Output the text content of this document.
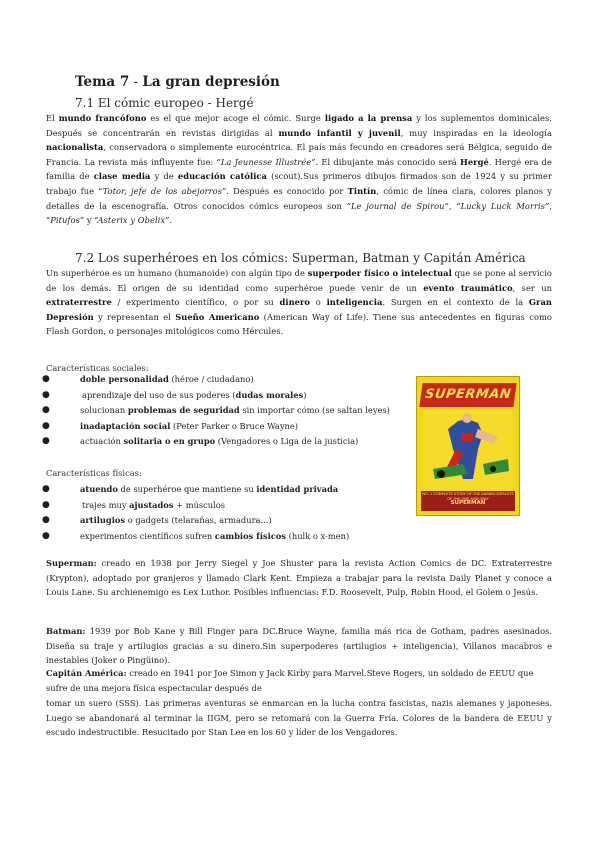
Tema 7 - La gran depresión
7.1 El cómic europeo - Hergé
El mundo francófono es el que mejor acoge el cómic. Surge ligado a la prensa y los suplementos dominicales. Después se concentrarán en revistas dirigidas al mundo infantil y juvenil, muy inspiradas en la ideología nacionalista, conservadora o simplemente eurocéntrica. El país más fecundo en creadores será Bélgica, seguido de Francia. La revista más influyente fue: “La Jeunesse Illustrée”. El dibujante más conocido será Hergé. Hergé era de familia de clase media y de educación católica (scout).Sus primeros dibujos firmados son de 1924 y su primer trabajo fue “Totor, jefe de los abejorros”. Después es conocido por Tintín, cómic de línea clara, colores planos y detalles de la escenografía. Otros conocidos cómics europeos son “Le journal de Spirou”, “Lucky Luck Morris”, “Pitufos” y “Asterix y Obelix”.
7.2 Los superhéroes en los cómics: Superman, Batman y Capitán América
Un superhéroe es un humano (humanoide) con algún tipo de superpoder físico o intelectual que se pone al servicio de los demás. El origen de su identidad como superhéroe puede venir de un evento traumático, ser un extraterrestre / experimento científico, o por su dinero o inteligencia. Surgen en el contexto de la Gran Depresión y representan el Sueño Americano (American Way of Life). Tiene sus antecedentes en figuras como Flash Gordon, o personajes mitológicos como Hércules.
Características sociales:
●	doble personalidad (héroe / ciudadano)
●	aprendizaje del uso de sus poderes (dudas morales)
●	solucionan problemas de seguridad sin importar cómo (se saltan leyes)
●	inadaptación social (Peter Parker o Bruce Wayne)
●	actuación solitaria o en grupo (Vengadores o Liga de la justicia)
Características físicas:
●	atuendo de superhéroe que mantiene su identidad privada
●	trajes muy ajustados + músculos
●	artilugios o gadgets (telarañas, armadura...)
●	experimentos científicos sufren cambios físicos (hulk o x-men)
SUPERMAN
NO. 1 COMPLETE STORY OF THE DARING EXPLOITS OF THE ONE AND ONLY
SUPERMAN
Superman: creado en 1938 por Jerry Siegel y Joe Shuster para la revista Action Comics de DC. Extraterrestre (Krypton), adoptado por granjeros y llamado Clark Kent. Empieza a trabajar para la revista Daily Planet y conoce a Louis Lane. Su archienemigo es Lex Luthor. Posibles influencias: F.D. Roosevelt, Pulp, Robin Hood, el Golem o Jesús.
Batman: 1939 por Bob Kane y Bill Finger para DC.Bruce Wayne, familia más rica de Gotham, padres asesinados. Diseña su traje y artilugios gracias a su dinero.Sin superpoderes (artilugios + inteligencia), Villanos macabros e inestables (Joker o Pingüino).
Capitán América: creado en 1941 por Joe Simon y Jack Kirby para Marvel.Steve Rogers, un soldado de EEUU que sufre de una mejora física espectacular después de
tomar un suero (SSS). Las primeras aventuras se enmarcan en la lucha contra fascistas, nazis alemanes y japoneses. Luego se abandonará al terminar la IIGM, pero se retomará con la Guerra Fría. Colores de la bandera de EEUU y escudo indestructible. Resucitado por Stan Lee en los 60 y líder de los Vengadores.
